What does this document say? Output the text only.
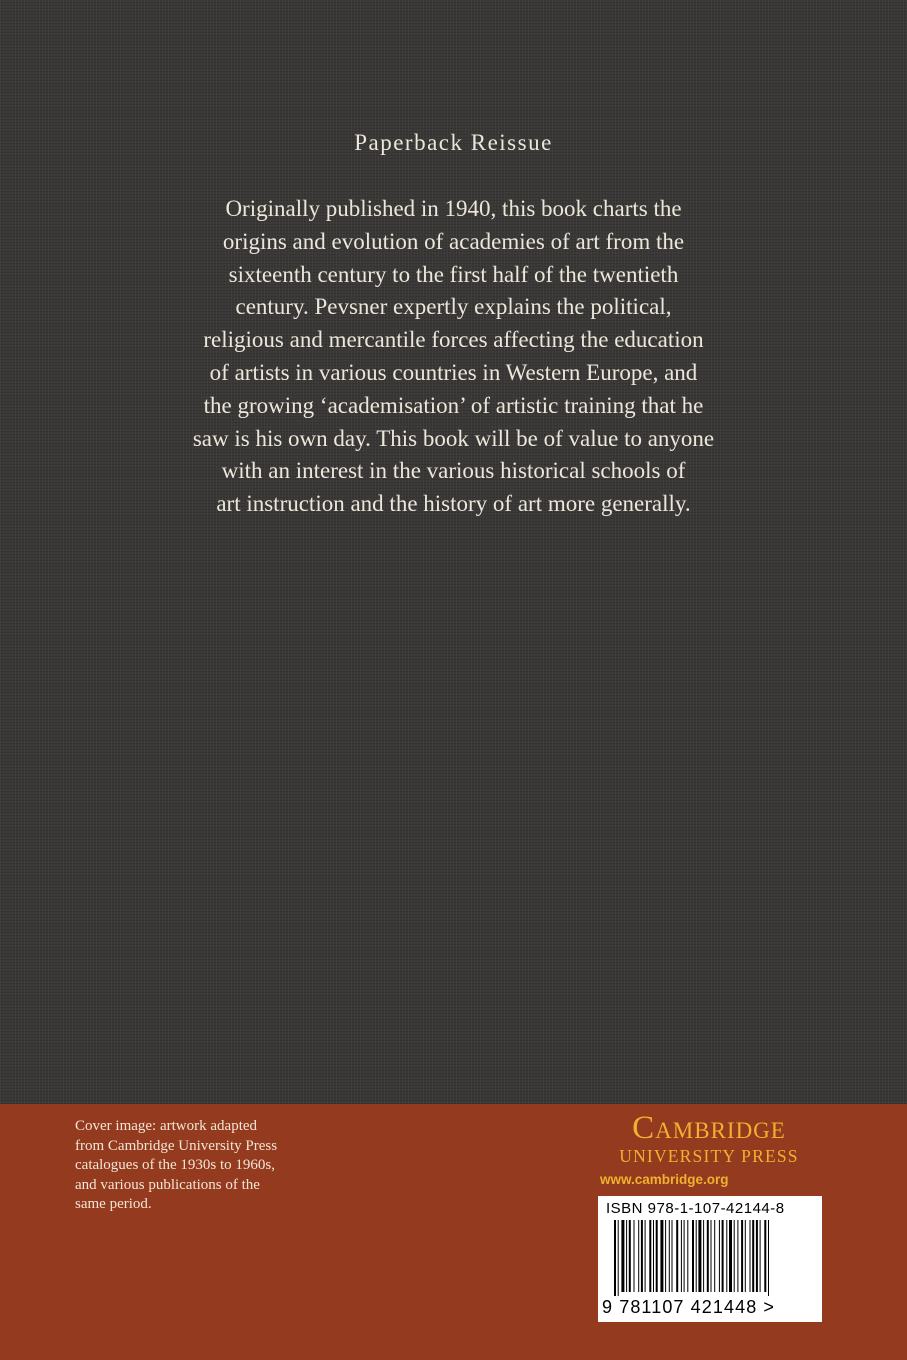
Paperback Reissue
Originally published in 1940, this book charts the
origins and evolution of academies of art from the
sixteenth century to the first half of the twentieth
century. Pevsner expertly explains the political,
religious and mercantile forces affecting the education
of artists in various countries in Western Europe, and
the growing ‘academisation’ of artistic training that he
saw is his own day. This book will be of value to anyone
with an interest in the various historical schools of
art instruction and the history of art more generally.
Cover image: artwork adapted
from Cambridge University Press
catalogues of the 1930s to 1960s,
and various publications of the
same period.
Cambridge
UNIVERSITY PRESS
www.cambridge.org
ISBN 978-1-107-42144-8
9 781107 421448 >
